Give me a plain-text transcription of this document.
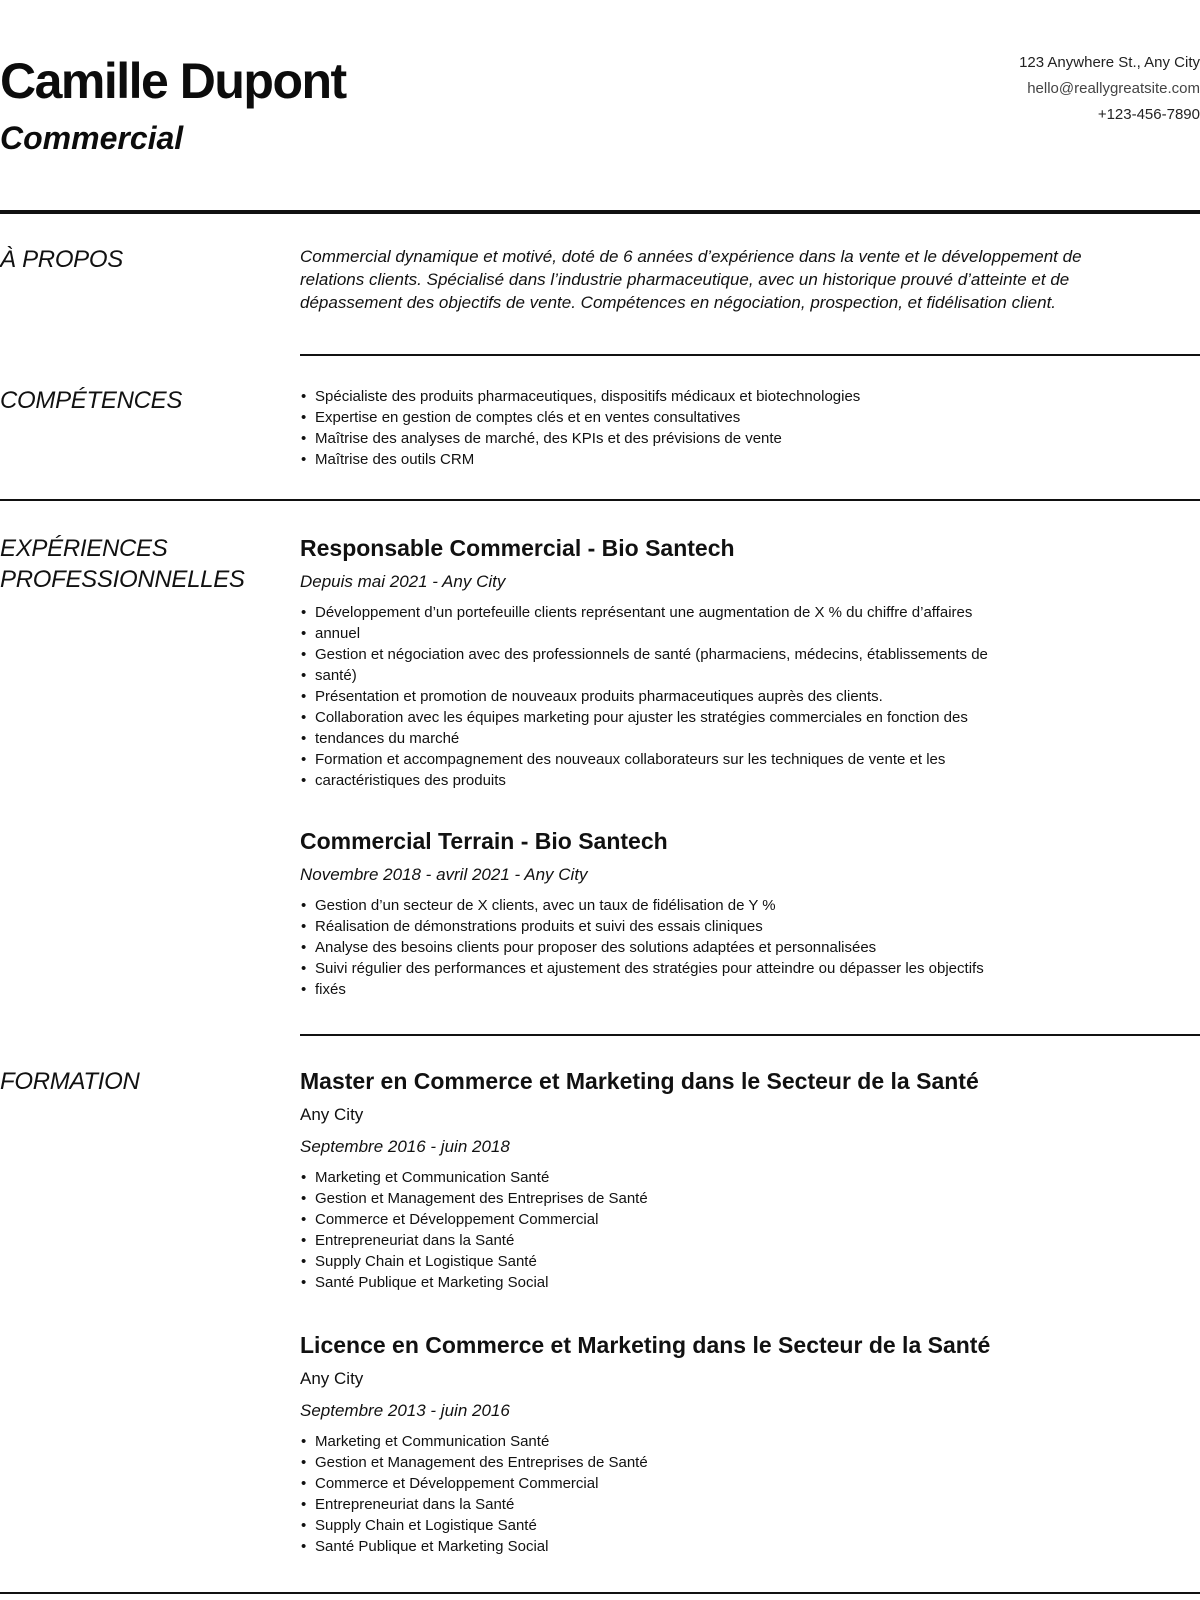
Camille Dupont
Commercial
123 Anywhere St., Any City
hello@reallygreatsite.com
+123-456-7890
À PROPOS	Commercial dynamique et motivé, doté de 6 années d’expérience dans la vente et le développement de
relations clients. Spécialisé dans l’industrie pharmaceutique, avec un historique prouvé d’atteinte et de
dépassement des objectifs de vente. Compétences en négociation, prospection, et fidélisation client.

COMPÉTENCES
•	Spécialiste des produits pharmaceutiques, dispositifs médicaux et biotechnologies
• Expertise en gestion de comptes clés et en ventes consultatives
• Maîtrise des analyses de marché, des KPIs et des prévisions de vente
• Maîtrise des outils CRM
EXPÉRIENCES
PROFESSIONNELLES
Responsable Commercial - Bio Santech

Depuis mai 2021 - Any City

• Développement d’un portefeuille clients représentant une augmentation de X % du chiffre d’affaires
• annuel
• Gestion et négociation avec des professionnels de santé (pharmaciens, médecins, établissements de
• santé)
• Présentation et promotion de nouveaux produits pharmaceutiques auprès des clients.
• Collaboration avec les équipes marketing pour ajuster les stratégies commerciales en fonction des
• tendances du marché
• Formation et accompagnement des nouveaux collaborateurs sur les techniques de vente et les
• caractéristiques des produits
Commercial Terrain - Bio Santech

Novembre 2018 - avril 2021 - Any City

• Gestion d’un secteur de X clients, avec un taux de fidélisation de Y %
• Réalisation de démonstrations produits et suivi des essais cliniques
• Analyse des besoins clients pour proposer des solutions adaptées et personnalisées
• Suivi régulier des performances et ajustement des stratégies pour atteindre ou dépasser les objectifs
• fixés
FORMATION	Master en Commerce et Marketing dans le Secteur de la Santé

Any City

Septembre 2016 - juin 2018

• Marketing et Communication Santé
• Gestion et Management des Entreprises de Santé
• Commerce et Développement Commercial
• Entrepreneuriat dans la Santé
• Supply Chain et Logistique Santé
• Santé Publique et Marketing Social
Licence en Commerce et Marketing dans le Secteur de la Santé

Any City

Septembre 2013 - juin 2016

• Marketing et Communication Santé
• Gestion et Management des Entreprises de Santé
• Commerce et Développement Commercial
• Entrepreneuriat dans la Santé
• Supply Chain et Logistique Santé
• Santé Publique et Marketing Social
